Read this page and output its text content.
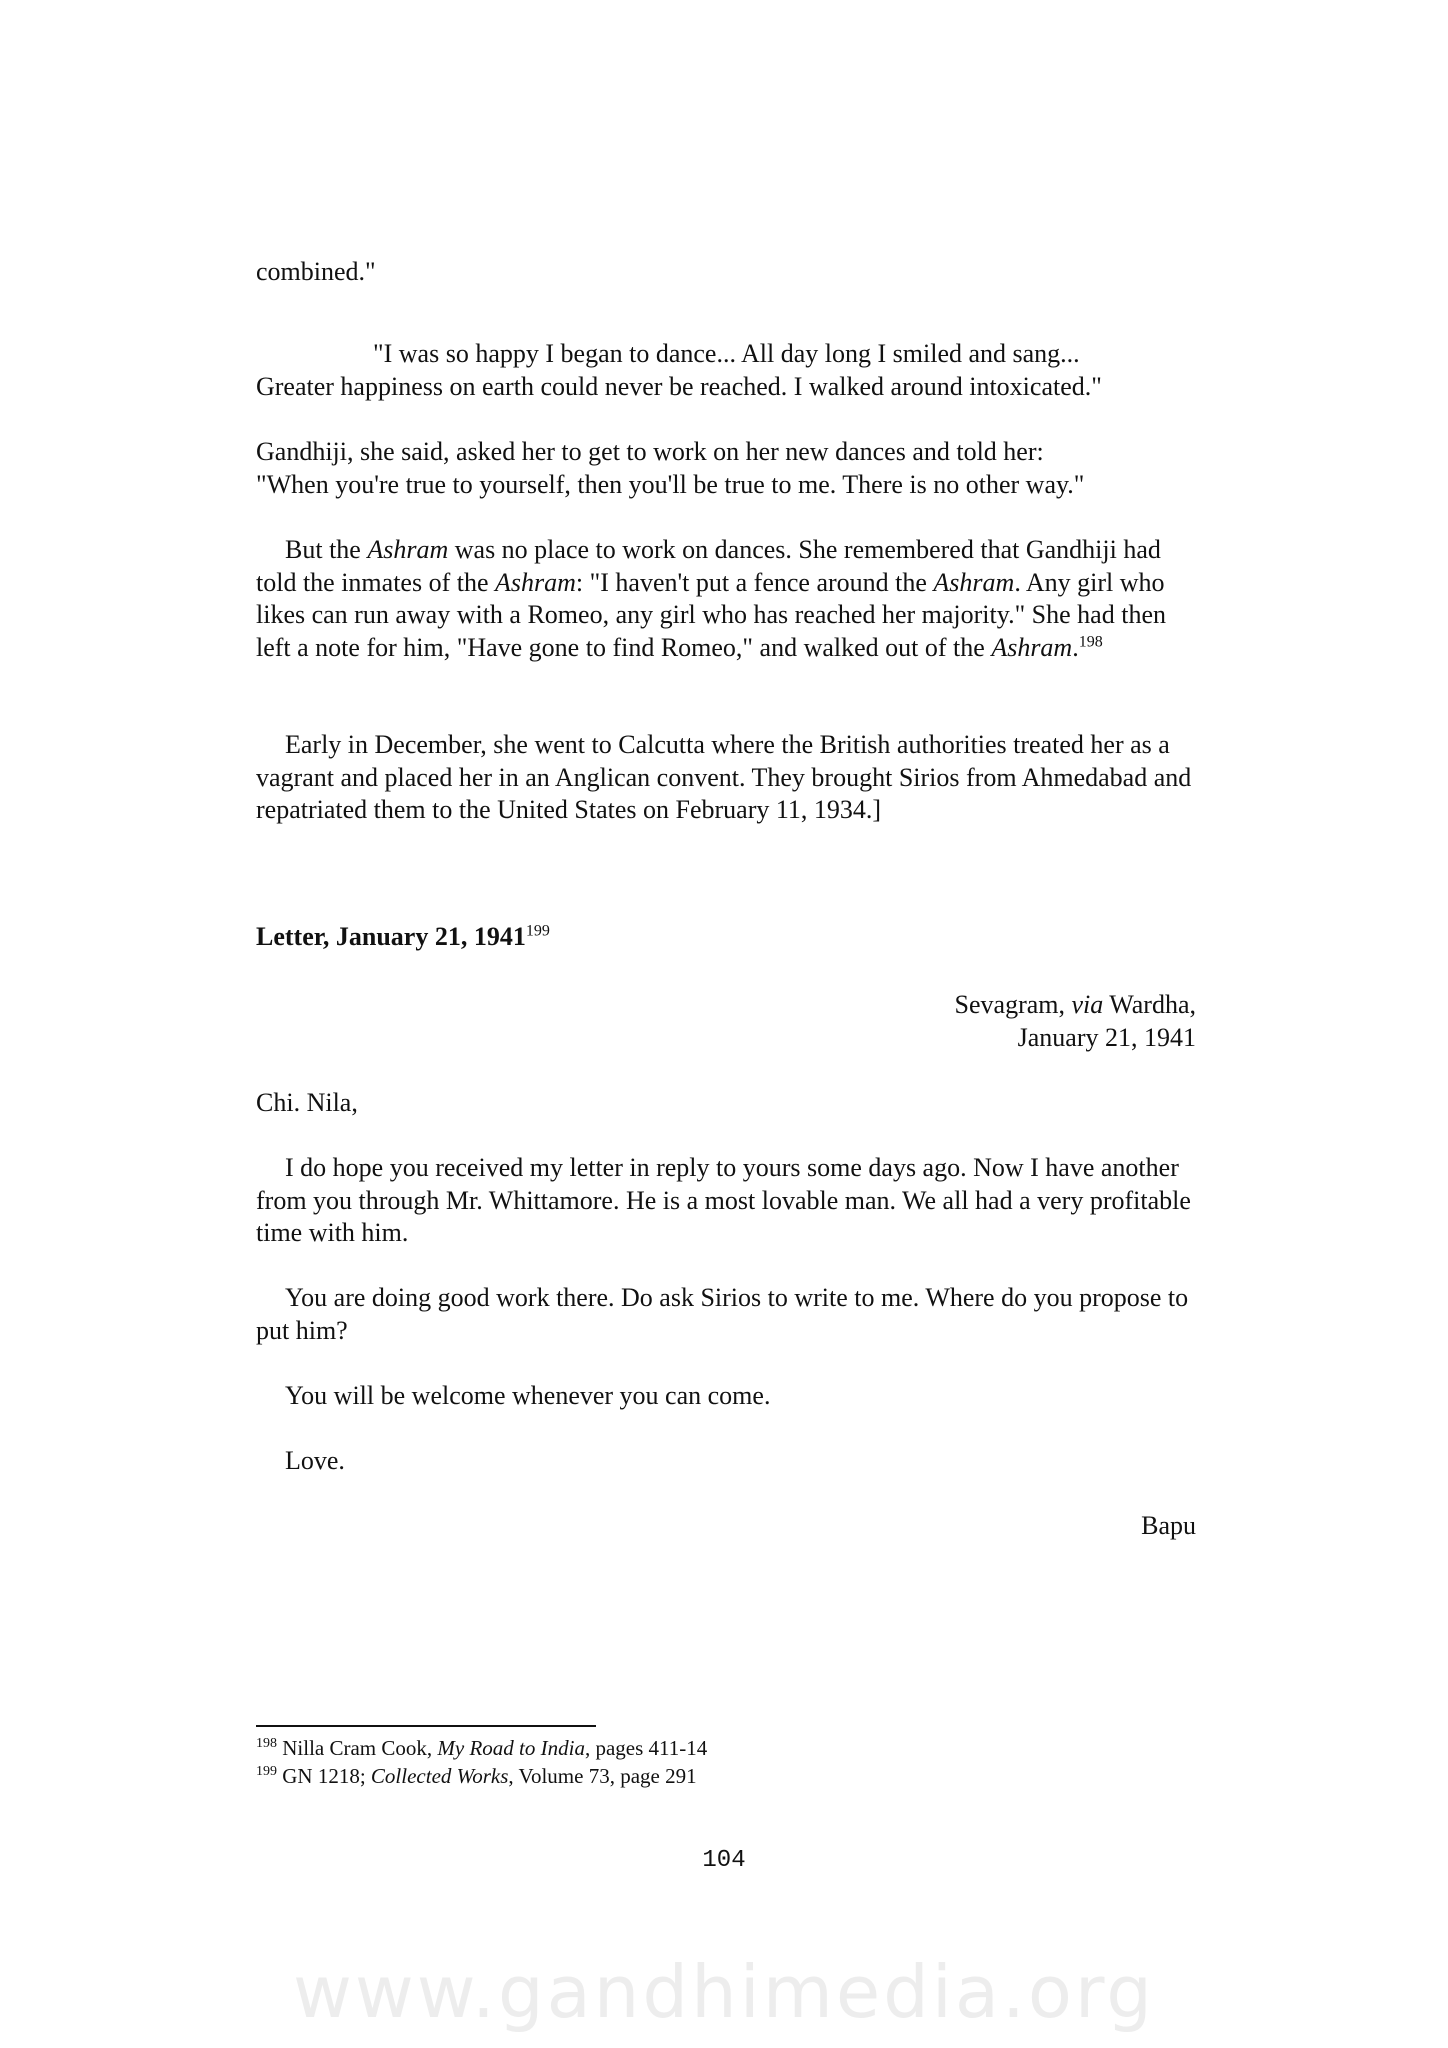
combined."

"I was so happy I began to dance... All day long I smiled and sang...

Greater happiness on earth could never be reached. I walked around intoxicated."

Gandhiji, she said, asked her to get to work on her new dances and told her:

"When you're true to yourself, then you'll be true to me. There is no other way."

But the Ashram was no place to work on dances. She remembered that Gandhiji had told the inmates of the Ashram: "I haven't put a fence around the Ashram. Any girl who likes can run away with a Romeo, any girl who has reached her majority." She had then left a note for him, "Have gone to find Romeo," and walked out of the Ashram.$^{198}$

Early in December, she went to Calcutta where the British authorities treated her as a vagrant and placed her in an Anglican convent. They brought Sirios from Ahmedabad and repatriated them to the United States on February 11, 1934.]

Letter, January 21, 1941$^{199}$

Sevagram, via Wardha,
January 21, 1941

Chi. Nila,

I do hope you received my letter in reply to yours some days ago. Now I have another from you through Mr. Whittamore. He is a most lovable man. We all had a very profitable time with him.

You are doing good work there. Do ask Sirios to write to me. Where do you propose to put him?

You will be welcome whenever you can come.

Love.

Bapu

$^{198}$ Nilla Cram Cook, My Road to India, pages 411-14

$^{199}$ GN 1218; Collected Works, Volume 73, page 291

104
www.gandhimedia.org
